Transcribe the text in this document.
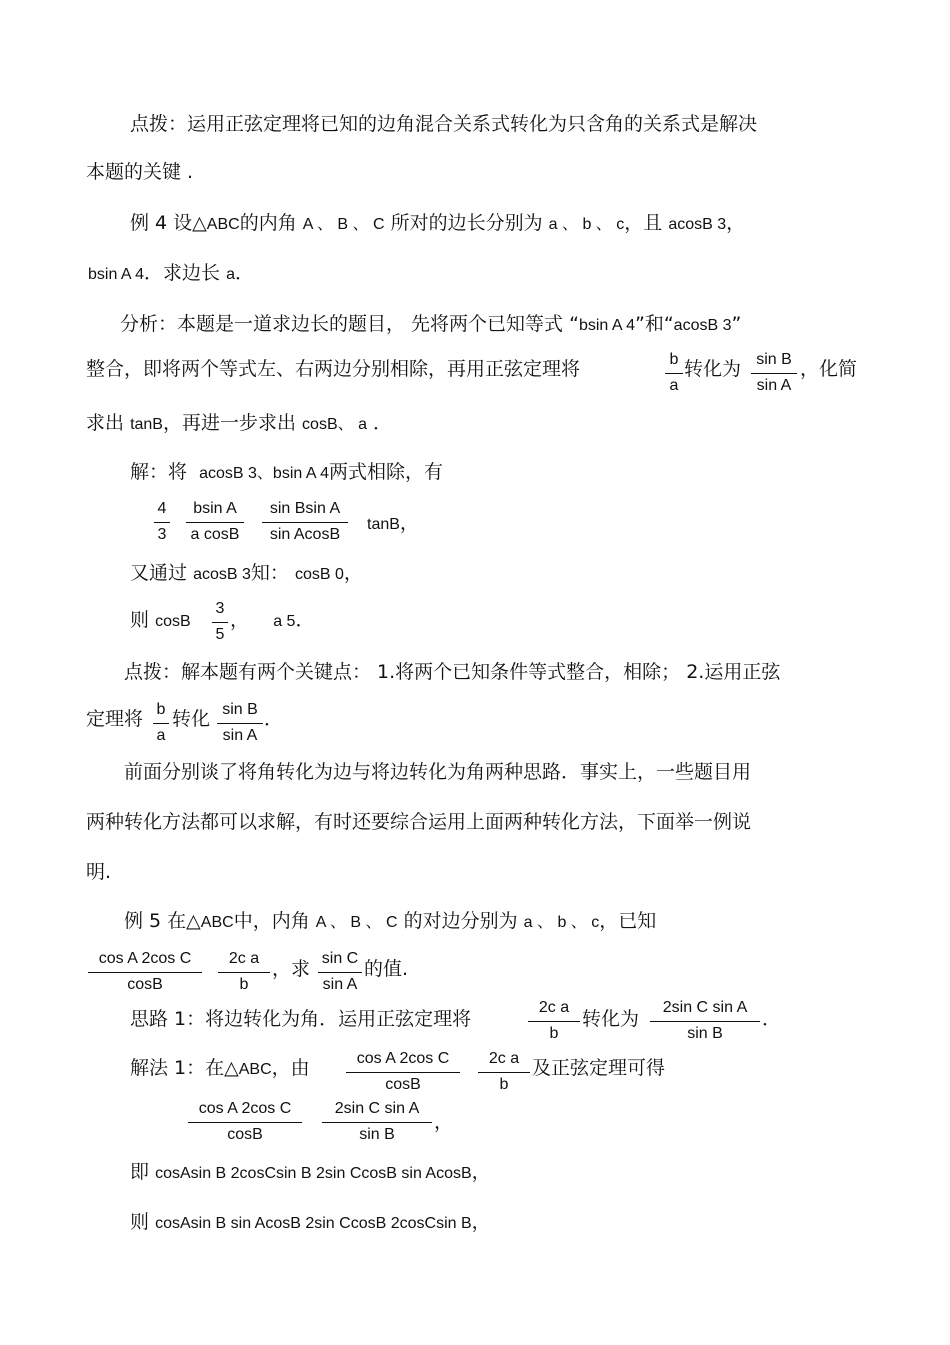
点拨：运用正弦定理将已知的边角混合关系式转化为只含角的关系式是解决
本题的关键 .
例 4 设△ABC的内角 A 、 B 、 C 所对的边长分别为 a 、 b 、 c，且 acosB 3，
bsin A 4．求边长 a．
分析：本题是一道求边长的题目， 先将两个已知等式 “bsin A 4”和“acosB 3”
整合，即将两个等式左、右两边分别相除，再用正弦定理将	b
a
转化为 sin B
sin A
，化简
求出 tanB，再进一步求出 cosB、 a ．
解：将 acosB 3、bsin A 4两式相除，有
4
3
bsin A
a cosB
sin Bsin A
sin AcosB
tanB，
又通过 acosB 3知： cosB 0，
则 cosB
3
5
， a 5．
点拨：解本题有两个关键点： 1.将两个已知条件等式整合，相除； 2.运用正弦
定理将 b
a
转化 sin B
sin A
．
前面分别谈了将角转化为边与将边转化为角两种思路．事实上，一些题目用
两种转化方法都可以求解，有时还要综合运用上面两种转化方法，下面举一例说
明.
例 5 在△ABC中，内角 A 、 B 、 C 的对边分别为 a 、 b 、 c，已知
cos A 2cos C
cosB
2c a
b
，求 sin C
sin A
的值.
思路 1：将边转化为角．运用正弦定理将
2c a
b
转化为
2sin C sin A
sin B
．
解法 1：在△ABC，由	cos A 2cos C
cosB
2c a
b
及正弦定理可得
cos A 2cos C
cosB
2sin C sin A
sin B
，
即 cosAsin B 2cosCsin B 2sin CcosB sin AcosB，
则 cosAsin B sin AcosB 2sin CcosB 2cosCsin B，
